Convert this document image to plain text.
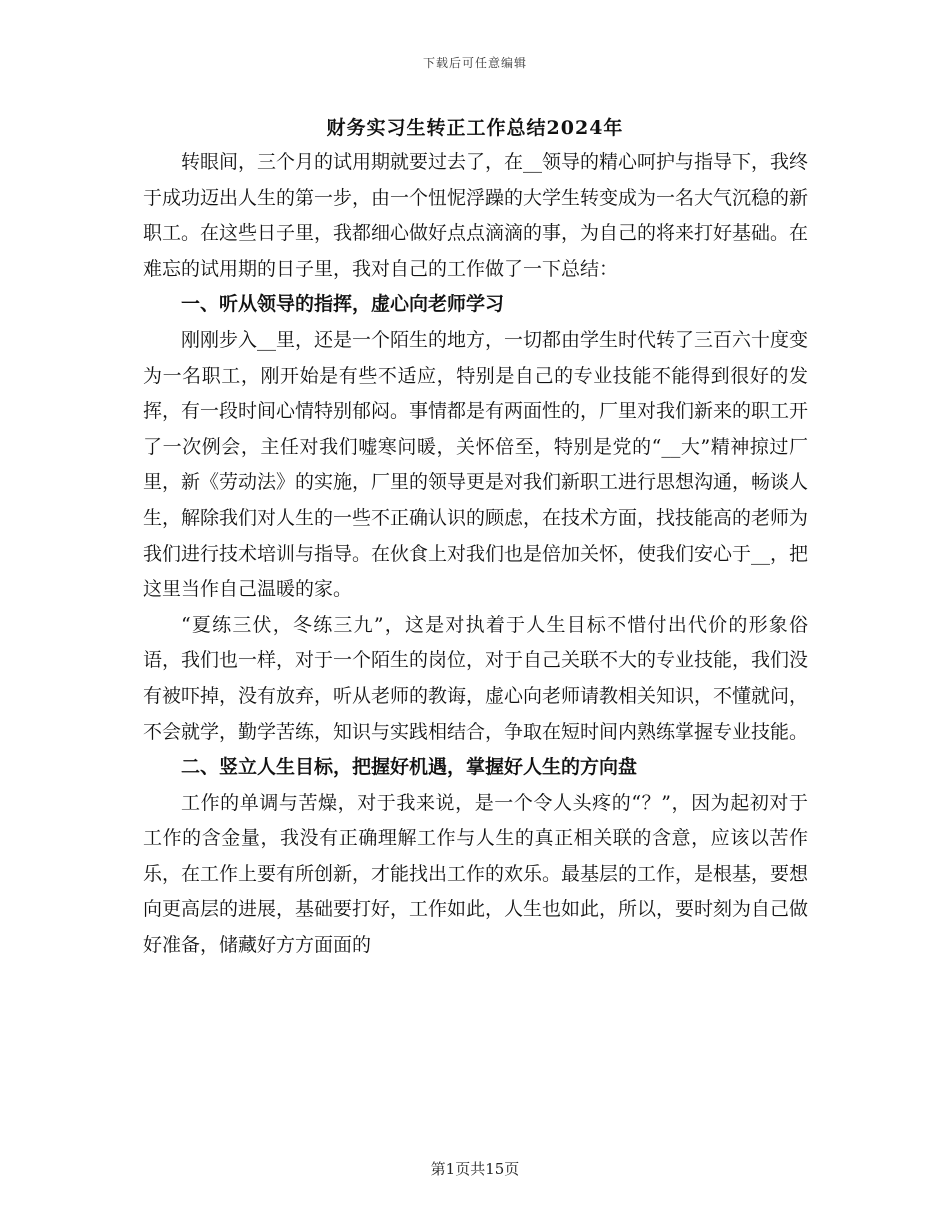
下载后可任意编辑
财务实习生转正工作总结2024年

转眼间，三个月的试用期就要过去了，在__领导的精心呵护与指导下，我终于成功迈出人生的第一步，由一个忸怩浮躁的大学生转变成为一名大气沉稳的新职工。在这些日子里，我都细心做好点点滴滴的事，为自己的将来打好基础。在难忘的试用期的日子里，我对自己的工作做了一下总结：

一、听从领导的指挥，虚心向老师学习

刚刚步入__里，还是一个陌生的地方，一切都由学生时代转了三百六十度变为一名职工，刚开始是有些不适应，特别是自己的专业技能不能得到很好的发挥，有一段时间心情特别郁闷。事情都是有两面性的，厂里对我们新来的职工开了一次例会，主任对我们嘘寒问暖，关怀倍至，特别是党的“__大”精神掠过厂里，新《劳动法》的实施，厂里的领导更是对我们新职工进行思想沟通，畅谈人生，解除我们对人生的一些不正确认识的顾虑，在技术方面，找技能高的老师为我们进行技术培训与指导。在伙食上对我们也是倍加关怀，使我们安心于__，把这里当作自己温暖的家。

“夏练三伏，冬练三九”，这是对执着于人生目标不惜付出代价的形象俗语，我们也一样，对于一个陌生的岗位，对于自己关联不大的专业技能，我们没有被吓掉，没有放弃，听从老师的教诲，虚心向老师请教相关知识，不懂就问，不会就学，勤学苦练，知识与实践相结合，争取在短时间内熟练掌握专业技能。

二、竖立人生目标，把握好机遇，掌握好人生的方向盘

工作的单调与苦燥，对于我来说，是一个令人头疼的“？”，因为起初对于工作的含金量，我没有正确理解工作与人生的真正相关联的含意，应该以苦作乐，在工作上要有所创新，才能找出工作的欢乐。最基层的工作，是根基，要想向更高层的进展，基础要打好，工作如此，人生也如此，所以，要时刻为自己做好准备，储藏好方方面面的

第1页共15页
